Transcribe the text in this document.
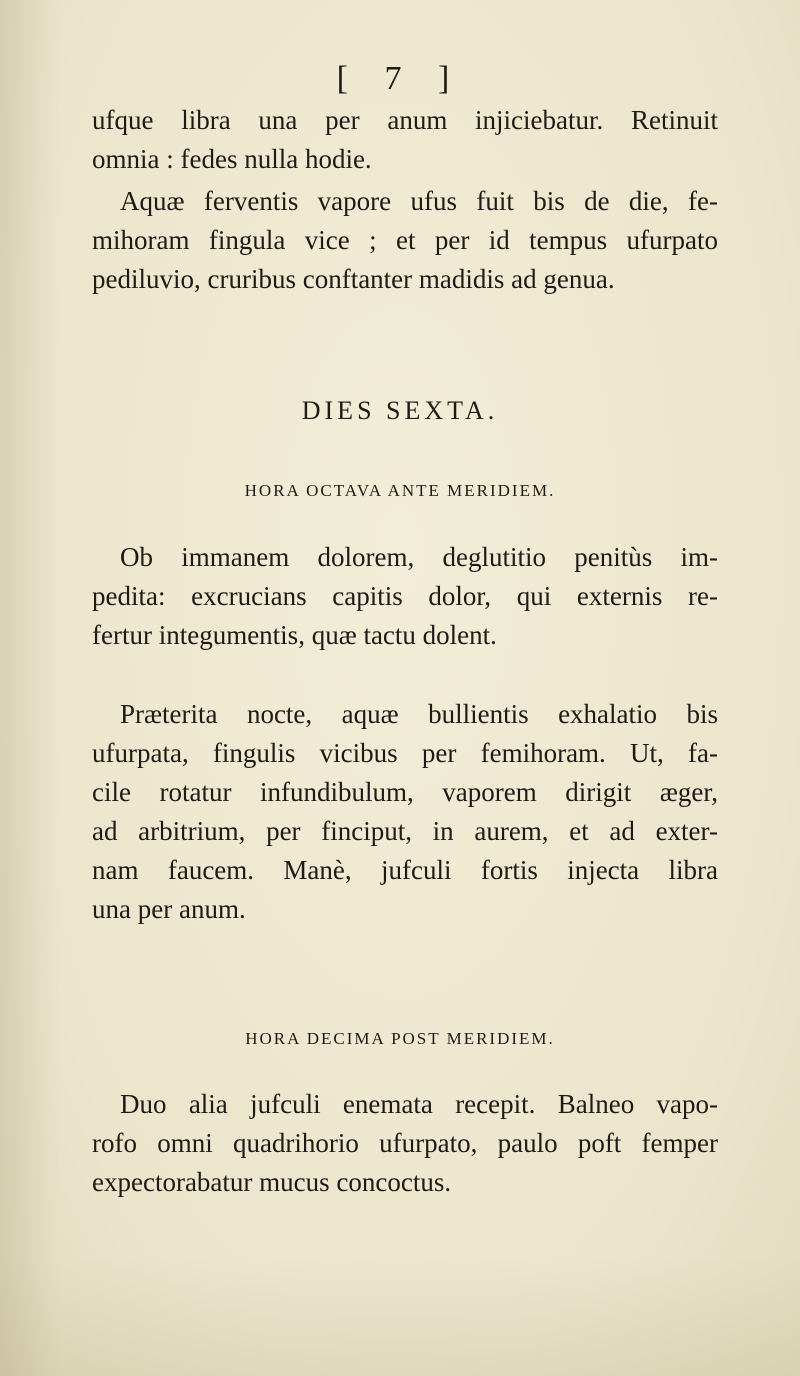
[ 7 ]

ufque libra una per anum injiciebatur. Retinuit

omnia : fedes nulla hodie.

Aquæ ferventis vapore ufus fuit bis de die, fe-

mihoram fingula vice ; et per id tempus ufurpato

pediluvio, cruribus conftanter madidis ad genua.

DIES SEXTA.
HORA OCTAVA ANTE MERIDIEM.

Ob immanem dolorem, deglutitio penitùs im-

pedita: excrucians capitis dolor, qui externis re-

fertur integumentis, quæ tactu dolent.

Præterita nocte, aquæ bullientis exhalatio bis

ufurpata, fingulis vicibus per femihoram. Ut, fa-

cile rotatur infundibulum, vaporem dirigit æger,

ad arbitrium, per finciput, in aurem, et ad exter-

nam faucem. Manè, jufculi fortis injecta libra

una per anum.

HORA DECIMA POST MERIDIEM.

Duo alia jufculi enemata recepit. Balneo vapo-

rofo omni quadrihorio ufurpato, paulo poft femper

expectorabatur mucus concoctus.
